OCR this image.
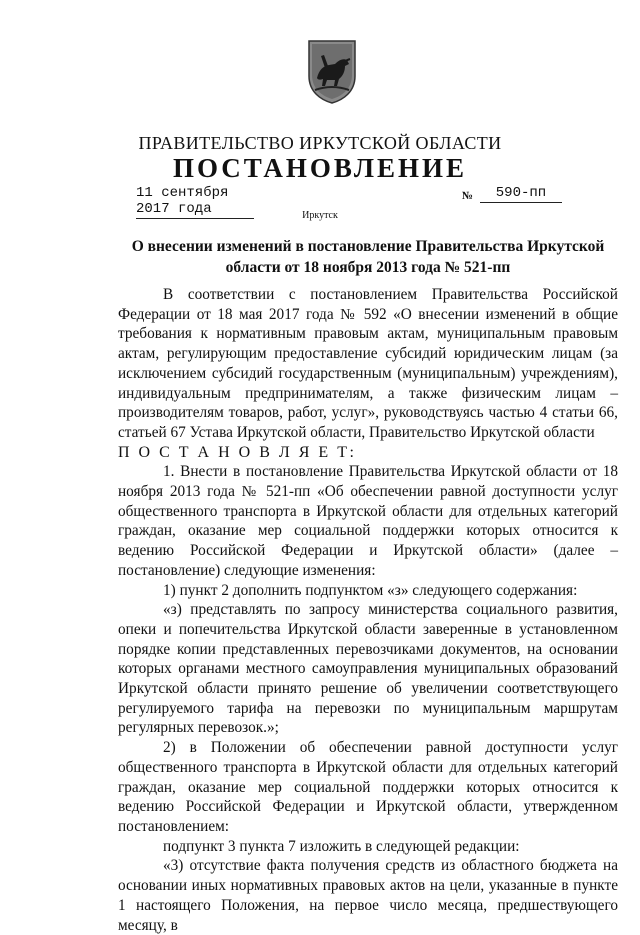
ПРАВИТЕЛЬСТВО ИРКУТСКОЙ ОБЛАСТИ
ПОСТАНОВЛЕНИЕ
11 сентября 2017 года
№	590-пп
Иркутск
О внесении изменений в постановление Правительства Иркутской области от 18 ноября 2013 года № 521-пп

В соответствии с постановлением Правительства Российской Федерации от 18 мая 2017 года № 592 «О внесении изменений в общие требования к нормативным правовым актам, муниципальным правовым актам, регулирующим предоставление субсидий юридическим лицам (за исключением субсидий государственным (муниципальным) учреждениям), индивидуальным предпринимателям, а также физическим лицам – производителям товаров, работ, услуг», руководствуясь частью 4 статьи 66, статьей 67 Устава Иркутской области, Правительство Иркутской области

П О С Т А Н О В Л Я Е Т:

1. Внести в постановление Правительства Иркутской области от 18 ноября 2013 года № 521-пп «Об обеспечении равной доступности услуг общественного транспорта в Иркутской области для отдельных категорий граждан, оказание мер социальной поддержки которых относится к ведению Российской Федерации и Иркутской области» (далее – постановление) следующие изменения:

1) пункт 2 дополнить подпунктом «з» следующего содержания:

«з) представлять по запросу министерства социального развития, опеки и попечительства Иркутской области заверенные в установленном порядке копии представленных перевозчиками документов, на основании которых органами местного самоуправления муниципальных образований Иркутской области принято решение об увеличении соответствующего регулируемого тарифа на перевозки по муниципальным маршрутам регулярных перевозок.»;

2) в Положении об обеспечении равной доступности услуг общественного транспорта в Иркутской области для отдельных категорий граждан, оказание мер социальной поддержки которых относится к ведению Российской Федерации и Иркутской области, утвержденном постановлением:

подпункт 3 пункта 7 изложить в следующей редакции:

«3) отсутствие факта получения средств из областного бюджета на основании иных нормативных правовых актов на цели, указанные в пункте 1 настоящего Положения, на первое число месяца, предшествующего месяцу, в
